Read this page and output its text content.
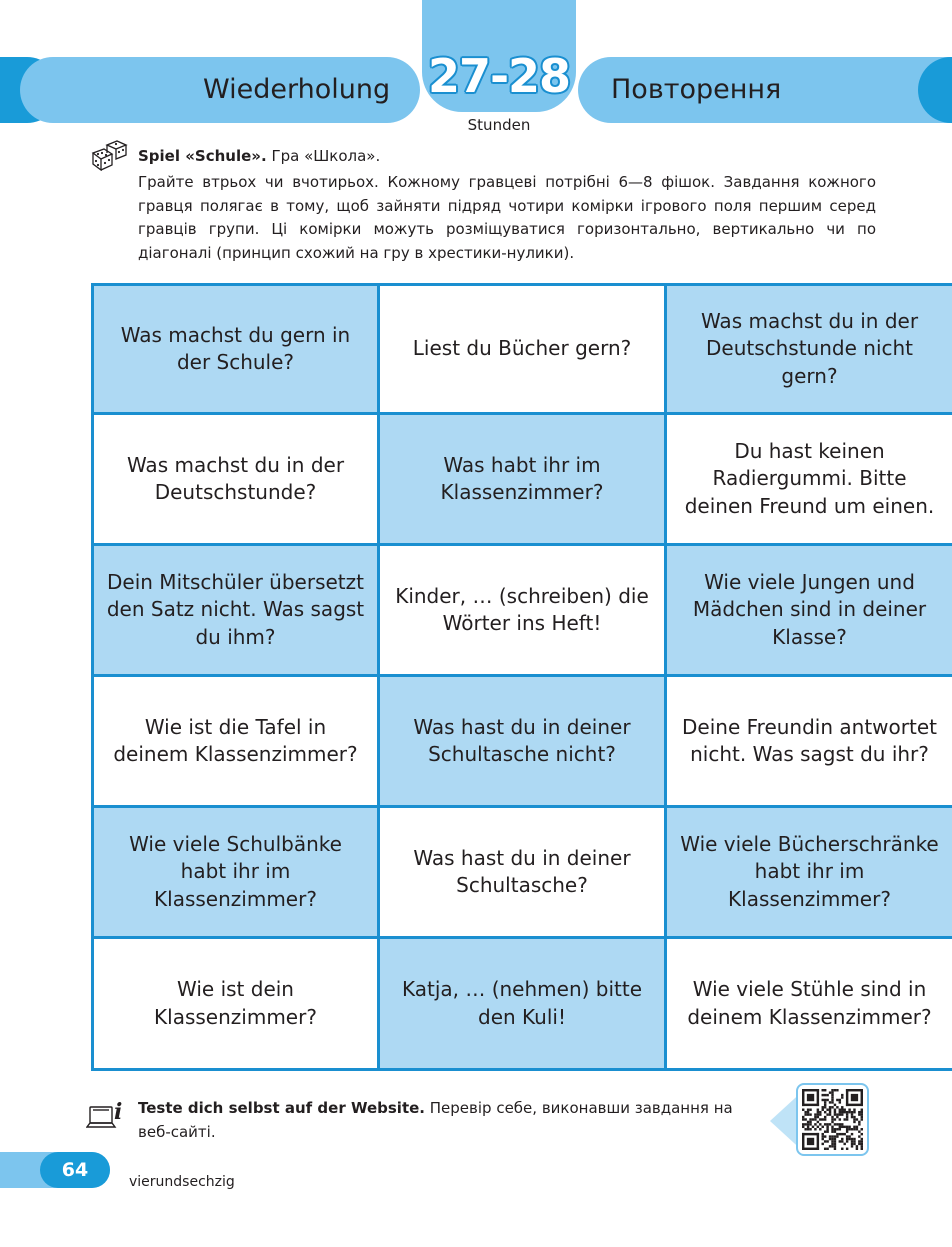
Wiederholung	Повторення
27-28
Stunden
Spiel «Schule». Гра «Школа».
Грайте втрьох чи вчотирьох. Кожному гравцеві потрібні 6—8 фішок. Завдання кожного гравця полягає в тому, щоб зайняти підряд чотири комірки ігрового поля першим серед гравців групи. Ці комірки можуть розміщуватися горизонтально, вертикально чи по діагоналі (принцип схожий на гру в хрестики-нулики).
Was machst du gern in der Schule?
Liest du Bücher gern?
Was machst du in der Deutschstunde nicht gern?
Was machst du in der Deutschstunde?
Was habt ihr im Klassenzimmer?
Du hast keinen Radiergummi. Bitte deinen Freund um einen.
Dein Mitschüler übersetzt den Satz nicht. Was sagst du ihm?
Kinder, … (schreiben) die Wörter ins Heft!
Wie viele Jungen und Mädchen sind in deiner Klasse?
Wie ist die Tafel in deinem Klassenzimmer?
Was hast du in deiner Schultasche nicht?
Deine Freundin antwortet nicht. Was sagst du ihr?
Wie viele Schulbänke habt ihr im Klassenzimmer?
Was hast du in deiner Schultasche?
Wie viele Bücherschränke habt ihr im Klassenzimmer?
Wie ist dein Klassenzimmer?
Katja, … (nehmen) bitte den Kuli!
Wie viele Stühle sind in deinem Klassenzimmer?
i Teste dich selbst auf der Website. Перевір себе, виконавши завдання на веб-сайті.
64
vierundsechzig
